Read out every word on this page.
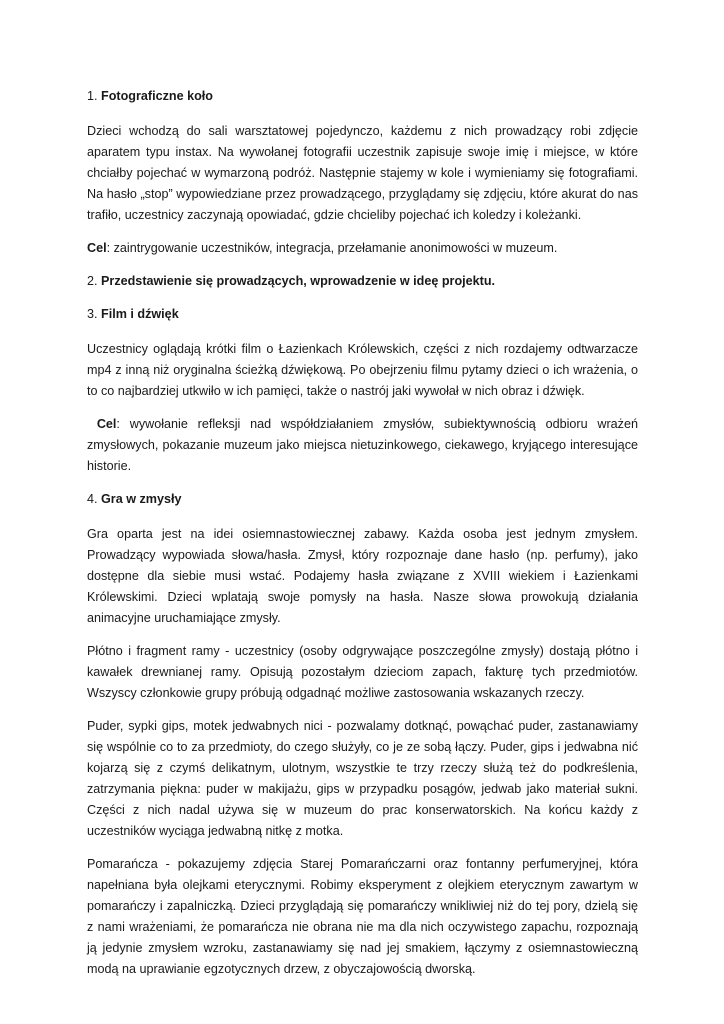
1. Fotograficzne koło

Dzieci wchodzą do sali warsztatowej pojedynczo, każdemu z nich prowadzący robi zdjęcie aparatem typu instax. Na wywołanej fotografii uczestnik zapisuje swoje imię i miejsce, w które chciałby pojechać w wymarzoną podróż. Następnie stajemy w kole i wymieniamy się fotografiami. Na hasło „stop” wypowiedziane przez prowadzącego, przyglądamy się zdjęciu, które akurat do nas trafiło, uczestnicy zaczynają opowiadać, gdzie chcieliby pojechać ich koledzy i koleżanki.

Cel: zaintrygowanie uczestników, integracja, przełamanie anonimowości w muzeum.

2. Przedstawienie się prowadzących, wprowadzenie w ideę projektu.

3. Film i dźwięk

Uczestnicy oglądają krótki film o Łazienkach Królewskich, części z nich rozdajemy odtwarzacze mp4 z inną niż oryginalna ścieżką dźwiękową. Po obejrzeniu filmu pytamy dzieci o ich wrażenia, o to co najbardziej utkwiło w ich pamięci, także o nastrój jaki wywołał w nich obraz i dźwięk.

Cel: wywołanie refleksji nad współdziałaniem zmysłów, subiektywnością odbioru wrażeń zmysłowych, pokazanie muzeum jako miejsca nietuzinkowego, ciekawego, kryjącego interesujące historie.

4. Gra w zmysły

Gra oparta jest na idei osiemnastowiecznej zabawy. Każda osoba jest jednym zmysłem. Prowadzący wypowiada słowa/hasła. Zmysł, który rozpoznaje dane hasło (np. perfumy), jako dostępne dla siebie musi wstać. Podajemy hasła związane z XVIII wiekiem i Łazienkami Królewskimi. Dzieci wplatają swoje pomysły na hasła. Nasze słowa prowokują działania animacyjne uruchamiające zmysły.

Płótno i fragment ramy - uczestnicy (osoby odgrywające poszczególne zmysły) dostają płótno i kawałek drewnianej ramy. Opisują pozostałym dzieciom zapach, fakturę tych przedmiotów. Wszyscy członkowie grupy próbują odgadnąć możliwe zastosowania wskazanych rzeczy.

Puder, sypki gips, motek jedwabnych nici - pozwalamy dotknąć, powąchać puder, zastanawiamy się wspólnie co to za przedmioty, do czego służyły, co je ze sobą łączy. Puder, gips i jedwabna nić kojarzą się z czymś delikatnym, ulotnym, wszystkie te trzy rzeczy służą też do podkreślenia, zatrzymania piękna: puder w makijażu, gips w przypadku posągów, jedwab jako materiał sukni. Części z nich nadal używa się w muzeum do prac konserwatorskich. Na końcu każdy z uczestników wyciąga jedwabną nitkę z motka.

Pomarańcza - pokazujemy zdjęcia Starej Pomarańczarni oraz fontanny perfumeryjnej, która napełniana była olejkami eterycznymi. Robimy eksperyment z olejkiem eterycznym zawartym w pomarańczy i zapalniczką. Dzieci przyglądają się pomarańczy wnikliwiej niż do tej pory, dzielą się z nami wrażeniami, że pomarańcza nie obrana nie ma dla nich oczywistego zapachu, rozpoznają ją jedynie zmysłem wzroku, zastanawiamy się nad jej smakiem, łączymy z osiemnastowieczną modą na uprawianie egzotycznych drzew, z obyczajowością dworską.
